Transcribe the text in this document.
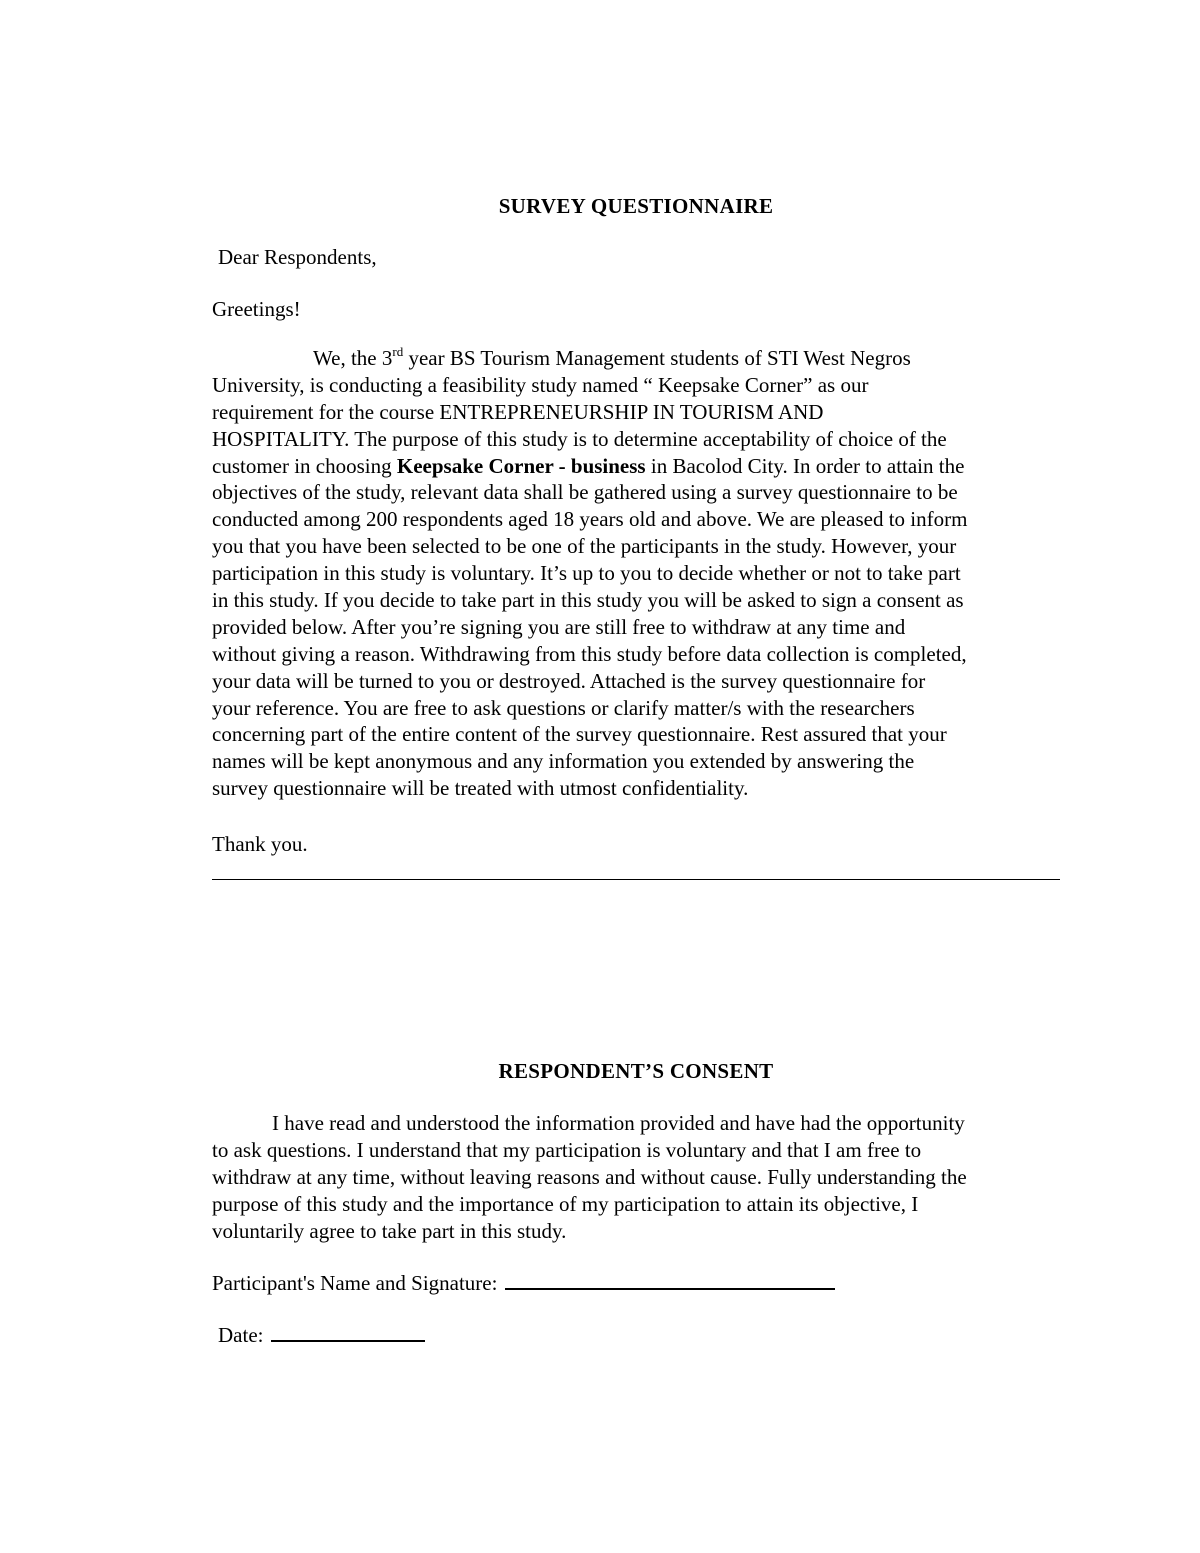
SURVEY QUESTIONNAIRE
Dear Respondents,
Greetings!
We, the 3rd year BS Tourism Management students of STI West Negros
University, is conducting a feasibility study named “ Keepsake Corner” as our
requirement for the course ENTREPRENEURSHIP IN TOURISM AND
HOSPITALITY. The purpose of this study is to determine acceptability of choice of the
customer in choosing Keepsake Corner - business in Bacolod City. In order to attain the
objectives of the study, relevant data shall be gathered using a survey questionnaire to be
conducted among 200 respondents aged 18 years old and above. We are pleased to inform
you that you have been selected to be one of the participants in the study. However, your
participation in this study is voluntary. It’s up to you to decide whether or not to take part
in this study. If you decide to take part in this study you will be asked to sign a consent as
provided below. After you’re signing you are still free to withdraw at any time and
without giving a reason. Withdrawing from this study before data collection is completed,
your data will be turned to you or destroyed. Attached is the survey questionnaire for
your reference. You are free to ask questions or clarify matter/s with the researchers
concerning part of the entire content of the survey questionnaire. Rest assured that your
names will be kept anonymous and any information you extended by answering the
survey questionnaire will be treated with utmost confidentiality.
Thank you.
RESPONDENT’S CONSENT
I have read and understood the information provided and have had the opportunity
to ask questions. I understand that my participation is voluntary and that I am free to
withdraw at any time, without leaving reasons and without cause. Fully understanding the
purpose of this study and the importance of my participation to attain its objective, I
voluntarily agree to take part in this study.
Participant's Name and Signature:
Date:
